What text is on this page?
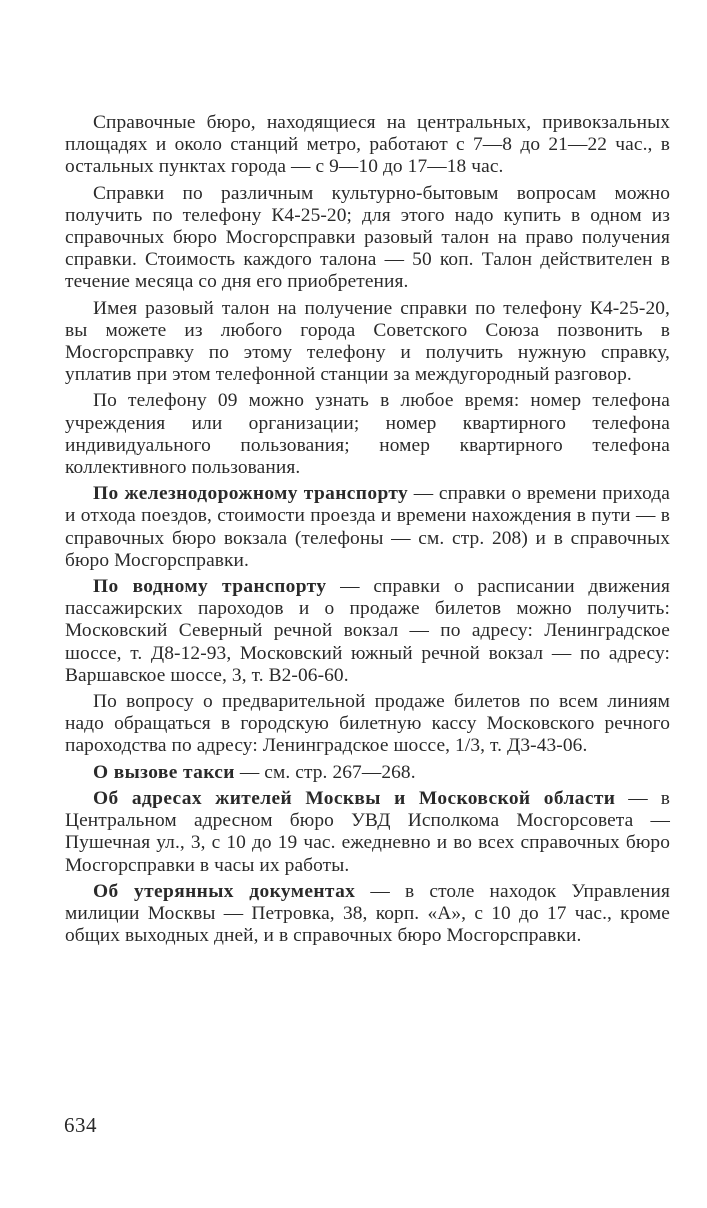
Справочные бюро, находящиеся на центральных, привокзальных площадях и около станций метро, работают с 7—8 до 21—22 час., в остальных пунктах города — с 9—10 до 17—18 час.

Справки по различным культурно-бытовым вопросам можно получить по телефону К4-25-20; для этого надо купить в одном из справочных бюро Мосгорсправки разовый талон на право получения справки. Стоимость каждого талона — 50 коп. Талон действителен в течение месяца со дня его приобретения.

Имея разовый талон на получение справки по телефону К4-25-20, вы можете из любого города Советского Союза позвонить в Мосгорсправку по этому телефону и получить нужную справку, уплатив при этом телефонной станции за междугородный разговор.

По телефону 09 можно узнать в любое время: номер телефона учреждения или организации; номер квартирного телефона индивидуального пользования; номер квартирного телефона коллективного пользования.

По железнодорожному транспорту — справки о времени прихода и отхода поездов, стоимости проезда и времени нахождения в пути — в справочных бюро вокзала (телефоны — см. стр. 208) и в справочных бюро Мосгорсправки.

По водному транспорту — справки о расписании движения пассажирских пароходов и о продаже билетов можно получить: Московский Северный речной вокзал — по адресу: Ленинградское шоссе, т. Д8-12-93, Московский южный речной вокзал — по адресу: Варшавское шоссе, 3, т. В2-06-60.

По вопросу о предварительной продаже билетов по всем линиям надо обращаться в городскую билетную кассу Московского речного пароходства по адресу: Ленинградское шоссе, 1/3, т. Д3-43-06.

О вызове такси — см. стр. 267—268.

Об адресах жителей Москвы и Московской области — в Центральном адресном бюро УВД Исполкома Мосгорсовета — Пушечная ул., 3, с 10 до 19 час. ежедневно и во всех справочных бюро Мосгорсправки в часы их работы.

Об утерянных документах — в столе находок Управления милиции Москвы — Петровка, 38, корп. «А», с 10 до 17 час., кроме общих выходных дней, и в справочных бюро Мосгорсправки.

634
